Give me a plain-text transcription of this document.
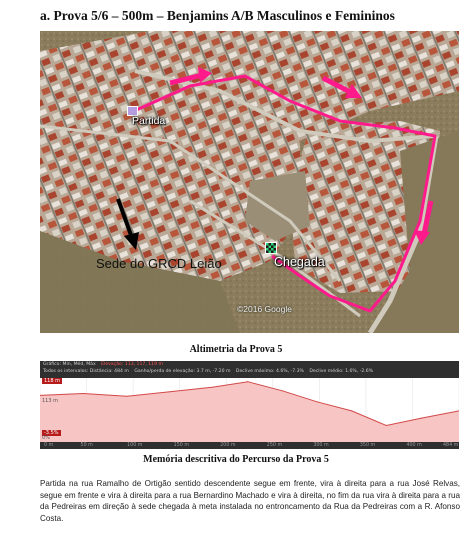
a. Prova 5/6 – 500m – Benjamins A/B Masculinos e Femininos
Partida
Sede do GRCD Leião	Chegada
©2016 Google
Altimetria da Prova 5
Gráfico: Mín, Méd, Máx Elevação: 113, 117, 119 m
Todos os intervalos: Distância: 484 m Ganho/perda de elevação: 3.7 m, -7.20 m Declive máximo: 4.6%, -7.3% Declive médio: 1.6%, -2.6%
118 m
113 m
-3.5%
0%
0 m	50 m	100 m	150 m	200 m	250 m	300 m	350 m	400 m	484 m
Memória descritiva do Percurso da Prova 5
Partida na rua Ramalho de Ortigão sentido descendente segue em frente, vira à direita para a rua José Relvas, segue em frente e vira à direita para a rua Bernardino Machado e vira à direita, no fim da rua vira à direita para a rua da Pedreiras em direção à sede chegada à meta instalada no entroncamento da Rua da Pedreiras com a R. Afonso Costa.
